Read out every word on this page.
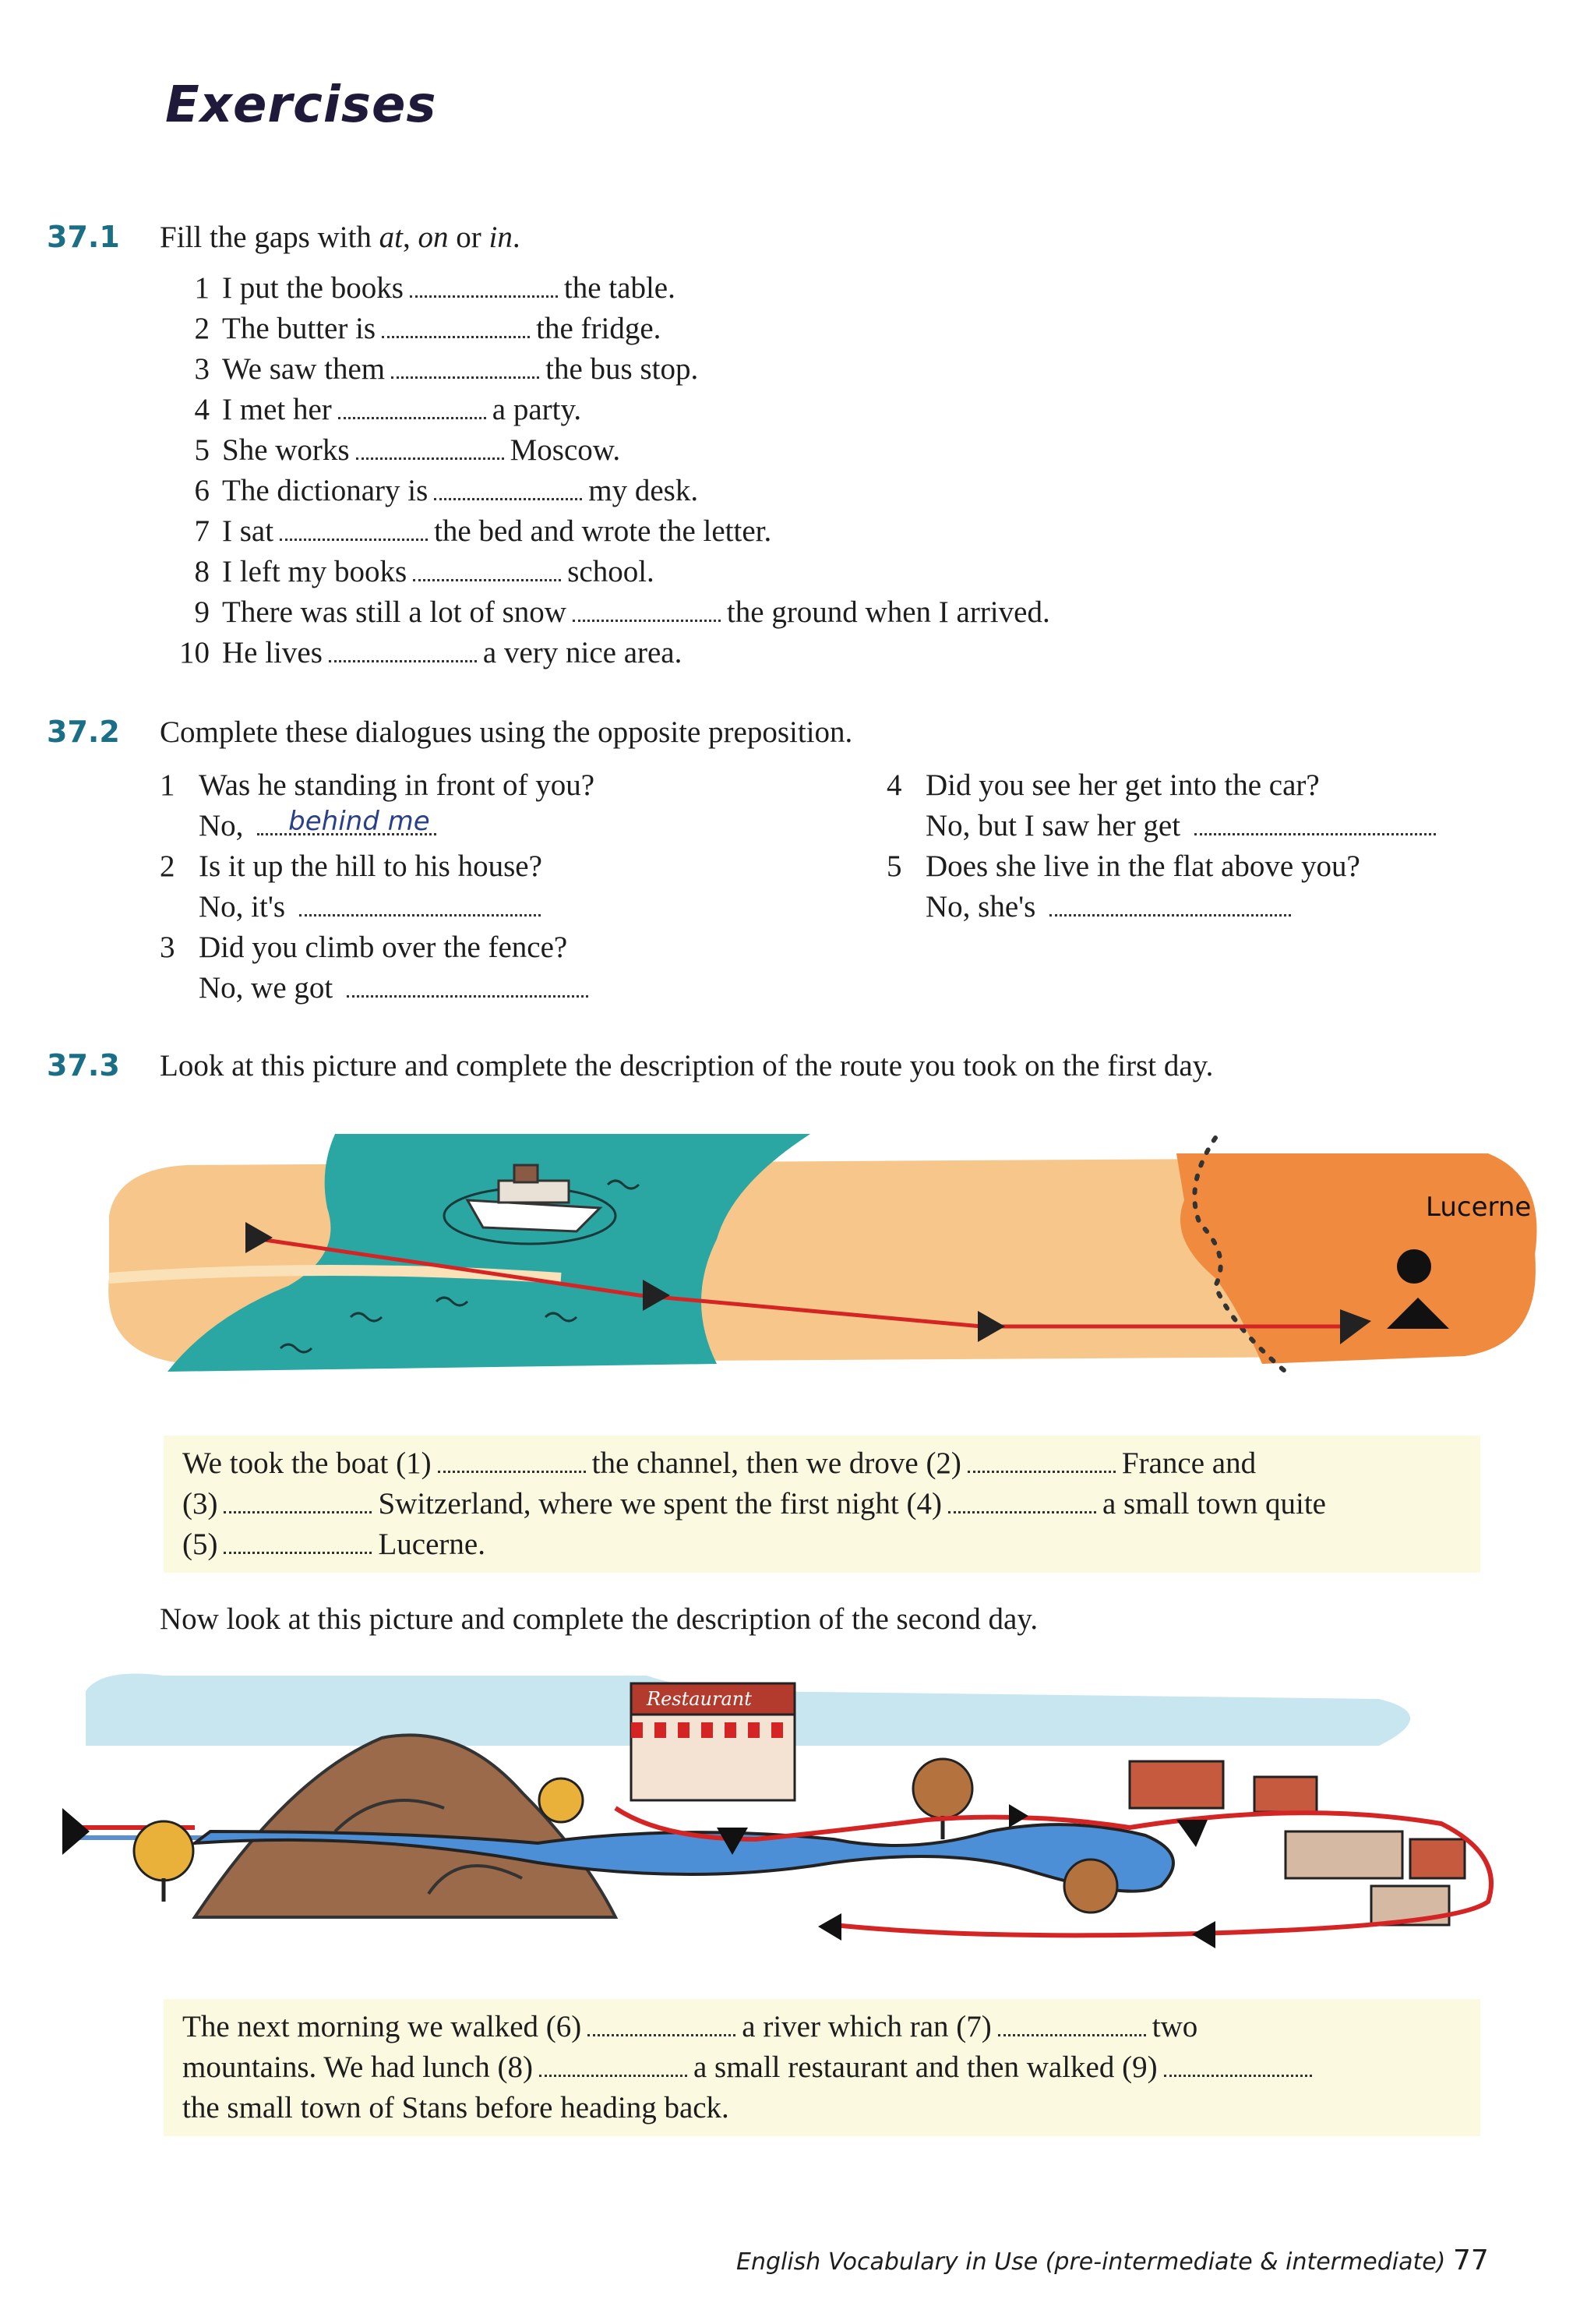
Exercises
37.1 Fill the gaps with at, on or in.
1 I put the books	the table.
2 The butter is	the fridge.
3 We saw them	the bus stop.
4 I met her	a party.
5 She works	Moscow.
6 The dictionary is	my desk.
7 I sat	the bed and wrote the letter.
8 I left my books	school.
9 There was still a lot of snow	the ground when I arrived.
10 He lives	a very nice area.
37.2 Complete these dialogues using the opposite preposition.
1 Was he standing in front of you?
No, behind me
2 Is it up the hill to his house?
No, it's
3 Did you climb over the fence?
No, we got
4 Did you see her get into the car?
No, but I saw her get
5 Does she live in the flat above you?
No, she's
37.3 Look at this picture and complete the description of the route you took on the first day.
Lucerne
We took the boat (1)	the channel, then we drove (2)	France and
(3)	Switzerland, where we spent the first night (4)	a small town quite
(5)	Lucerne.
Now look at this picture and complete the description of the second day.
Restaurant
The next morning we walked (6)	a river which ran (7)	two
mountains. We had lunch (8)	a small restaurant and then walked (9)
the small town of Stans before heading back.
English Vocabulary in Use (pre-intermediate & intermediate) 77
